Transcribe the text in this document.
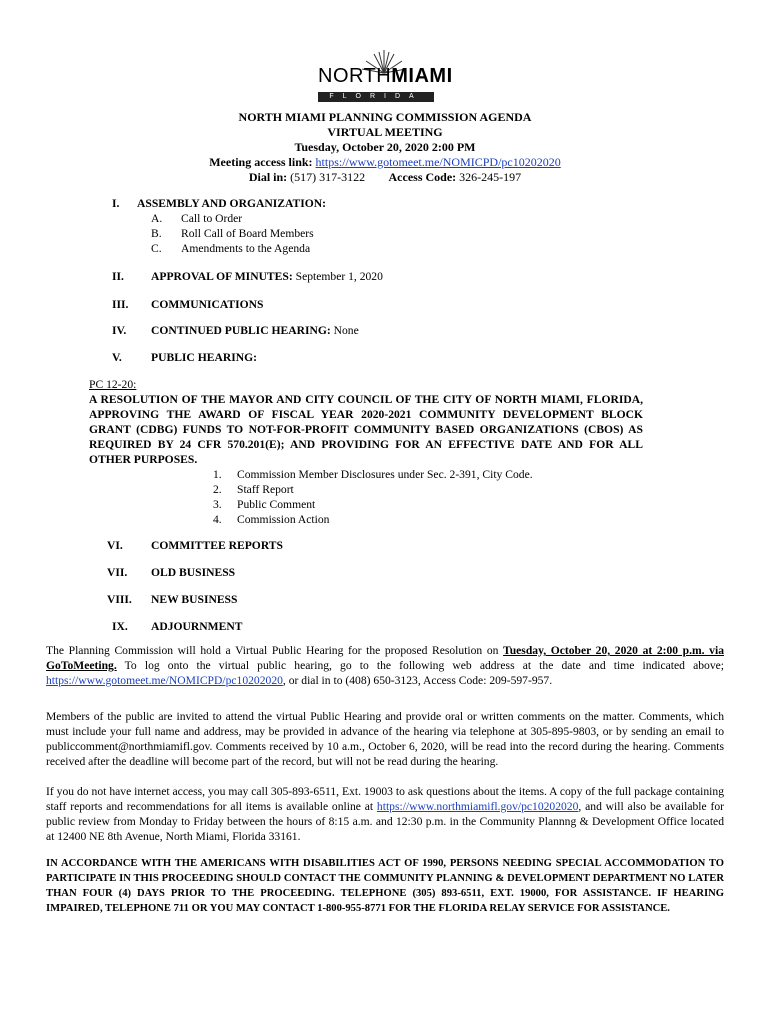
NORTHMIAMI
FLORIDA
NORTH MIAMI PLANNING COMMISSION AGENDA
VIRTUAL MEETING
Tuesday, October 20, 2020 2:00 PM
Meeting access link: https://www.gotomeet.me/NOMICPD/pc10202020
Dial in: (517) 317-3122 Access Code: 326-245-197
I. ASSEMBLY AND ORGANIZATION:
A. Call to Order
B. Roll Call of Board Members
C. Amendments to the Agenda
II. APPROVAL OF MINUTES: September 1, 2020
III. COMMUNICATIONS
IV. CONTINUED PUBLIC HEARING: None
V.	PUBLIC HEARING:
PC 12-20:
A RESOLUTION OF THE MAYOR AND CITY COUNCIL OF THE CITY OF NORTH MIAMI, FLORIDA, APPROVING THE AWARD OF FISCAL YEAR 2020-2021 COMMUNITY DEVELOPMENT BLOCK GRANT (CDBG) FUNDS TO NOT-FOR-PROFIT COMMUNITY BASED ORGANIZATIONS (CBOS) AS REQUIRED BY 24 CFR 570.201(E); AND PROVIDING FOR AN EFFECTIVE DATE AND FOR ALL OTHER PURPOSES.
1. Commission Member Disclosures under Sec. 2-391, City Code.
2. Staff Report
3. Public Comment
4. Commission Action
VI. COMMITTEE REPORTS
VII. OLD BUSINESS
VIII. NEW BUSINESS
IX. ADJOURNMENT
The Planning Commission will hold a Virtual Public Hearing for the proposed Resolution on Tuesday, October 20, 2020 at 2:00 p.m. via GoToMeeting. To log onto the virtual public hearing, go to the following web address at the date and time indicated above; https://www.gotomeet.me/NOMICPD/pc10202020, or dial in to (408) 650-3123, Access Code: 209-597-957.
Members of the public are invited to attend the virtual Public Hearing and provide oral or written comments on the matter. Comments, which must include your full name and address, may be provided in advance of the hearing via telephone at 305-895-9803, or by sending an email to publiccomment@northmiamifl.gov. Comments received by 10 a.m., October 6, 2020, will be read into the record during the hearing. Comments received after the deadline will become part of the record, but will not be read during the hearing.
If you do not have internet access, you may call 305-893-6511, Ext. 19003 to ask questions about the items. A copy of the full package containing staff reports and recommendations for all items is available online at https://www.northmiamifl.gov/pc10202020, and will also be available for public review from Monday to Friday between the hours of 8:15 a.m. and 12:30 p.m. in the Community Plannng & Development Office located at 12400 NE 8th Avenue, North Miami, Florida 33161.
IN ACCORDANCE WITH THE AMERICANS WITH DISABILITIES ACT OF 1990, PERSONS NEEDING SPECIAL ACCOMMODATION TO PARTICIPATE IN THIS PROCEEDING SHOULD CONTACT THE COMMUNITY PLANNING & DEVELOPMENT DEPARTMENT NO LATER THAN FOUR (4) DAYS PRIOR TO THE PROCEEDING. TELEPHONE (305) 893-6511, EXT. 19000, FOR ASSISTANCE. IF HEARING IMPAIRED, TELEPHONE 711 OR YOU MAY CONTACT 1-800-955-8771 FOR THE FLORIDA RELAY SERVICE FOR ASSISTANCE.
